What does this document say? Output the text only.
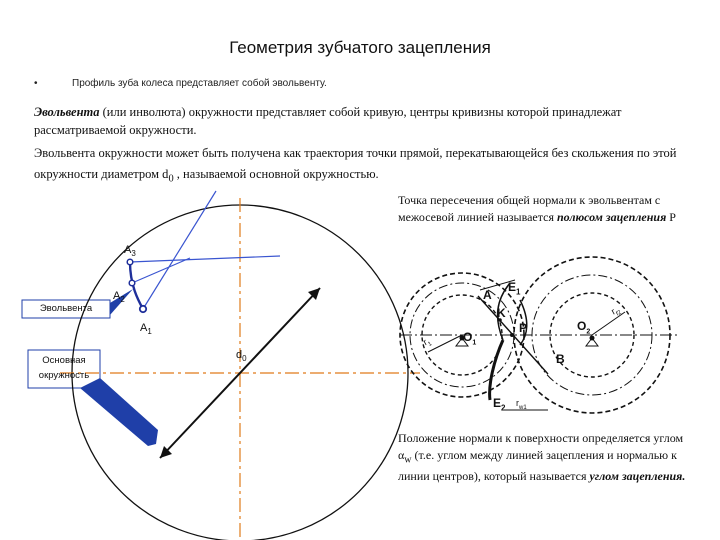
Геометрия зубчатого зацепления
•	Профиль зуба колеса представляет собой эвольвенту.
Эвольвента (или инволюта) окружности представляет собой кривую, центры кривизны которой принадлежат рассматриваемой окружности.
Эвольвента окружности может быть получена как траектория точки прямой, перекатывающейся без скольжения по этой окружности диаметром $d_0$ , называемой основной окружностью.
Точка пересечения общей нормали к эвольвентам с межосевой линией называется полюсом зацепления P
Положение нормали к поверхности определяется углом $\alpha_w$ (т.е. углом между линией зацепления и нормалью к линии центров), который называется углом зацепления.
$A_3$
$A_2$
$A_1$
$d_0$
Эвольвента
Основная
окружность
A
$E_1$
K
$O_1$
P	$O_2$
B
$E_2$
$r_1$
$r_{f2}$
$r_{w1}$
